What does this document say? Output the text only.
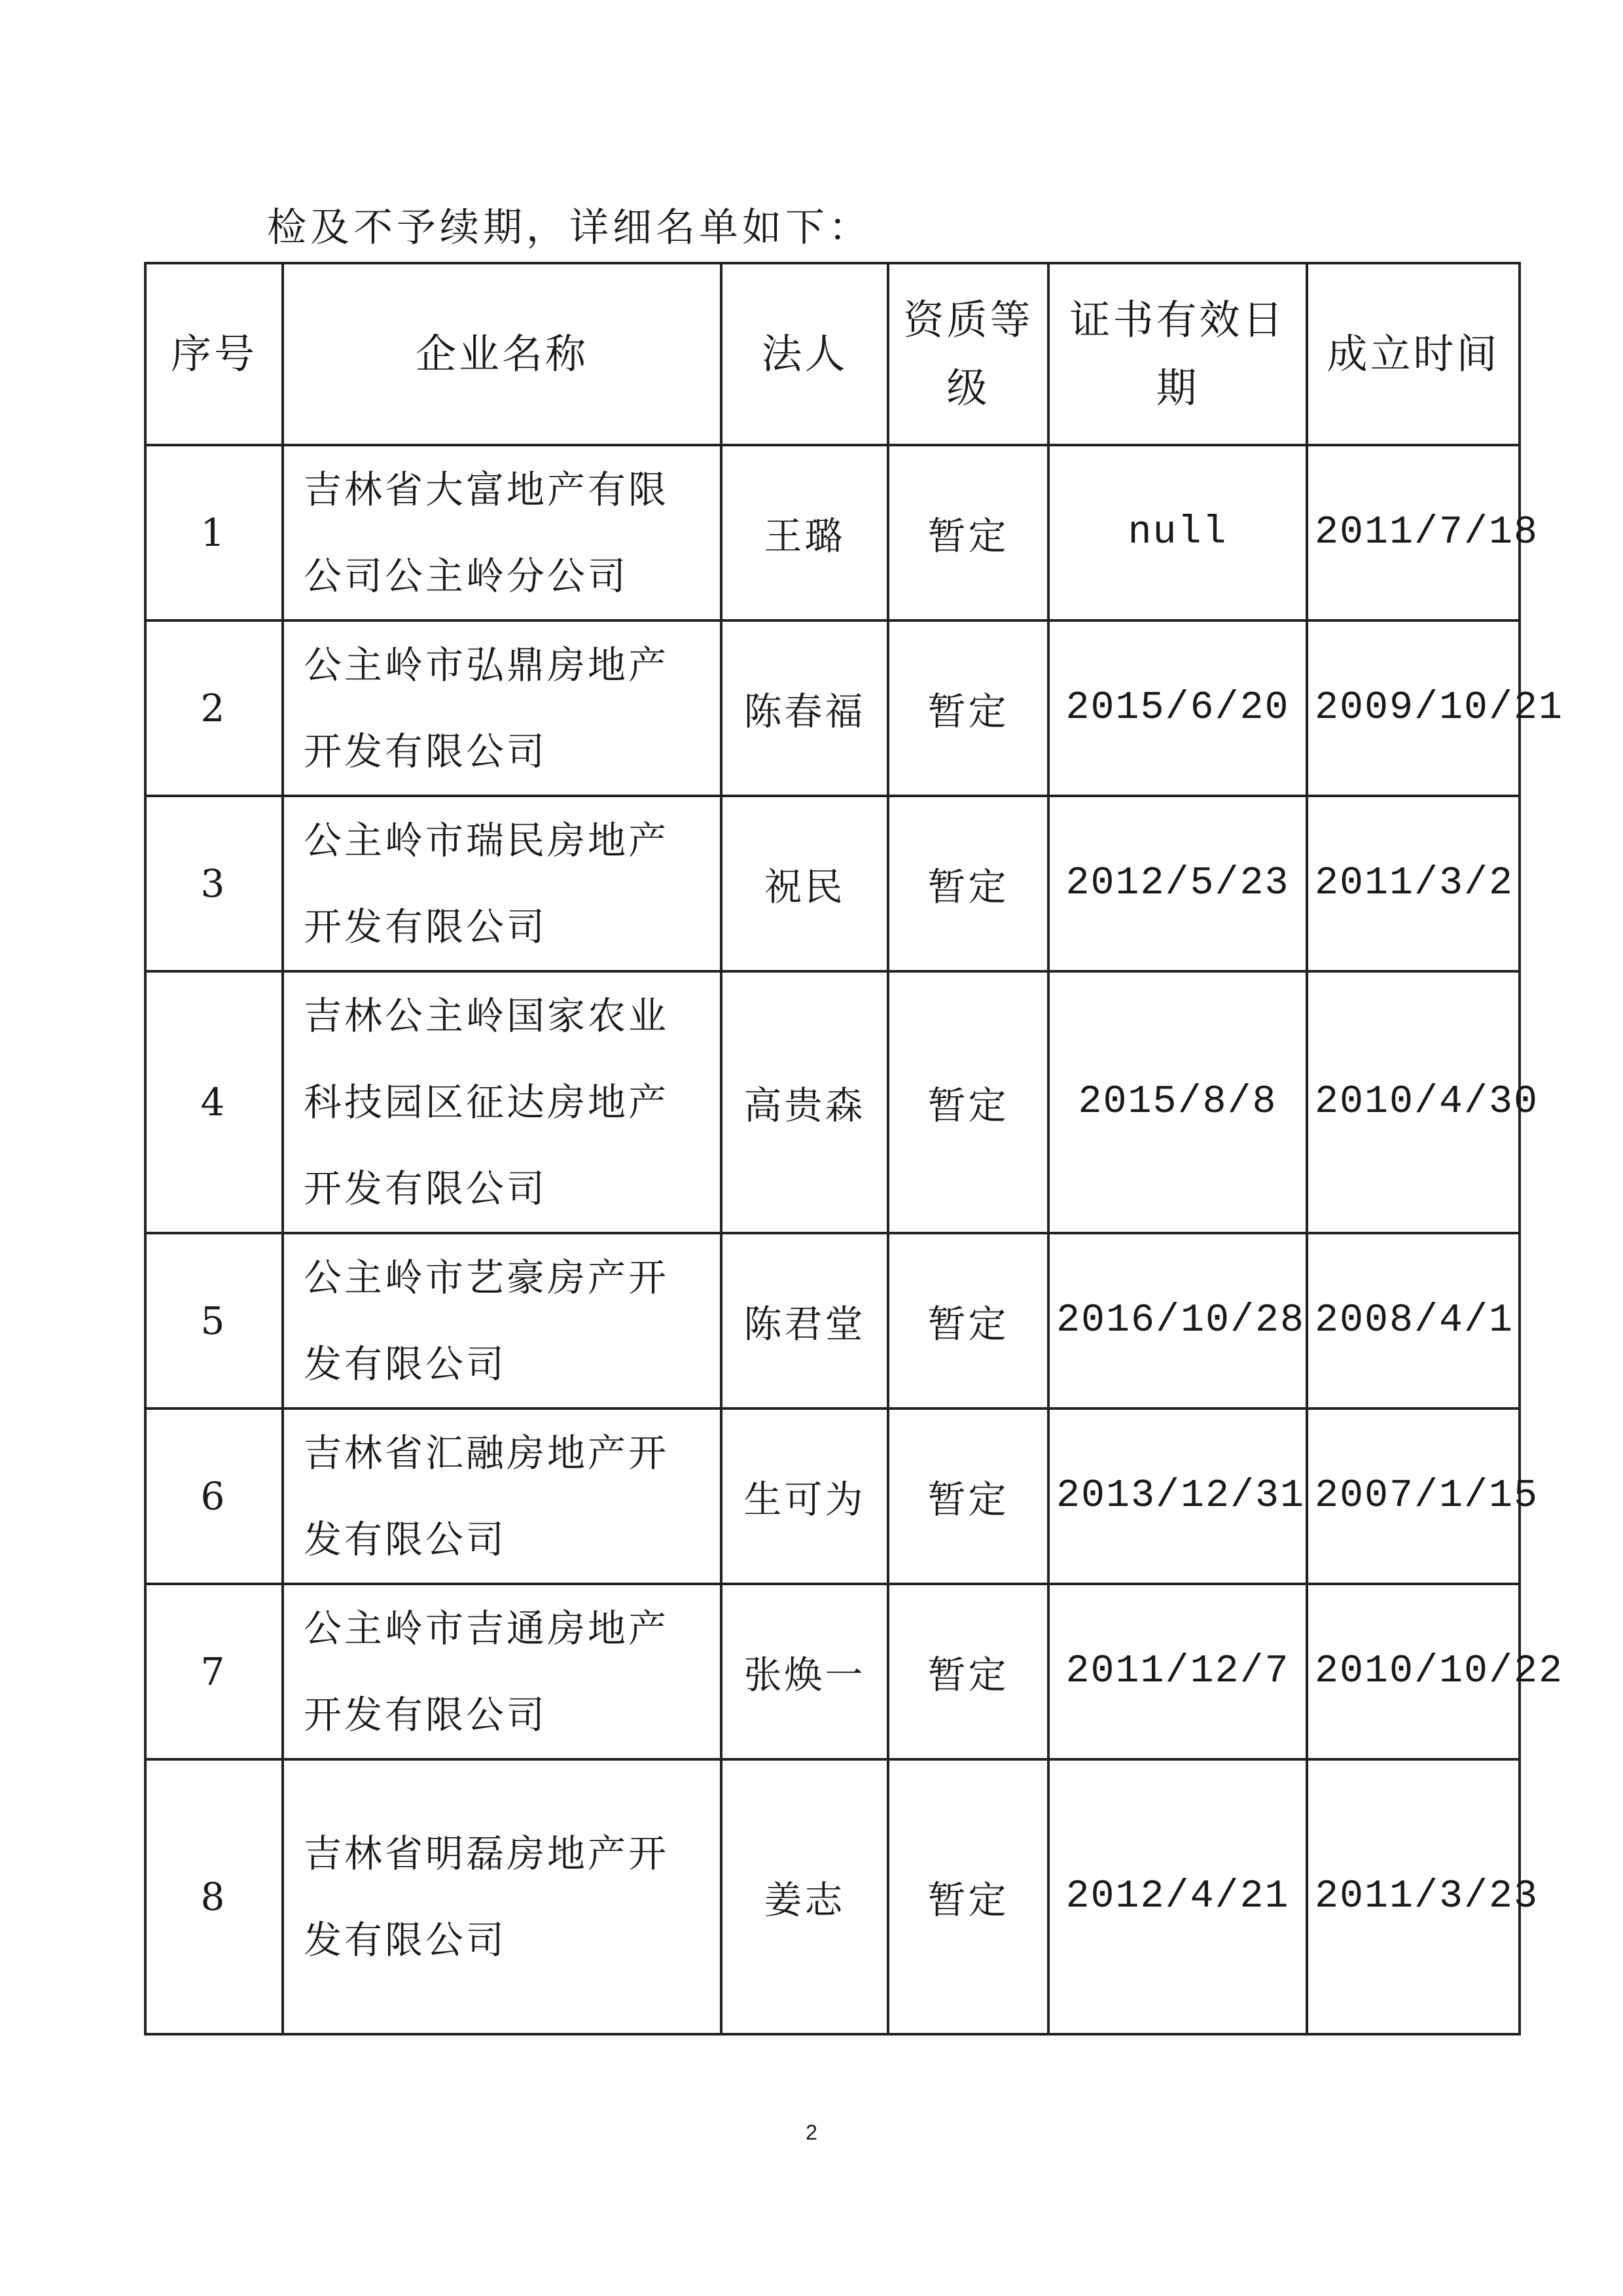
检及不予续期，详细名单如下：
序号	企业名称	法人	资质等级	证书有效日期	成立时间
1	吉林省大富地产有限公司公主岭分公司	王璐	暂定	null	2011/7/18
2	公主岭市弘鼎房地产开发有限公司	陈春福	暂定	2015/6/20	2009/10/21
3	公主岭市瑞民房地产开发有限公司	祝民	暂定	2012/5/23	2011/3/2
4	吉林公主岭国家农业科技园区征达房地产开发有限公司	高贵森	暂定	2015/8/8	2010/4/30
5	公主岭市艺豪房产开发有限公司	陈君堂	暂定	2016/10/28	2008/4/1
6	吉林省汇融房地产开发有限公司	生可为	暂定	2013/12/31	2007/1/15
7	公主岭市吉通房地产开发有限公司	张焕一	暂定	2011/12/7	2010/10/22
8	吉林省明磊房地产开发有限公司	姜志	暂定	2012/4/21	2011/3/23
2
